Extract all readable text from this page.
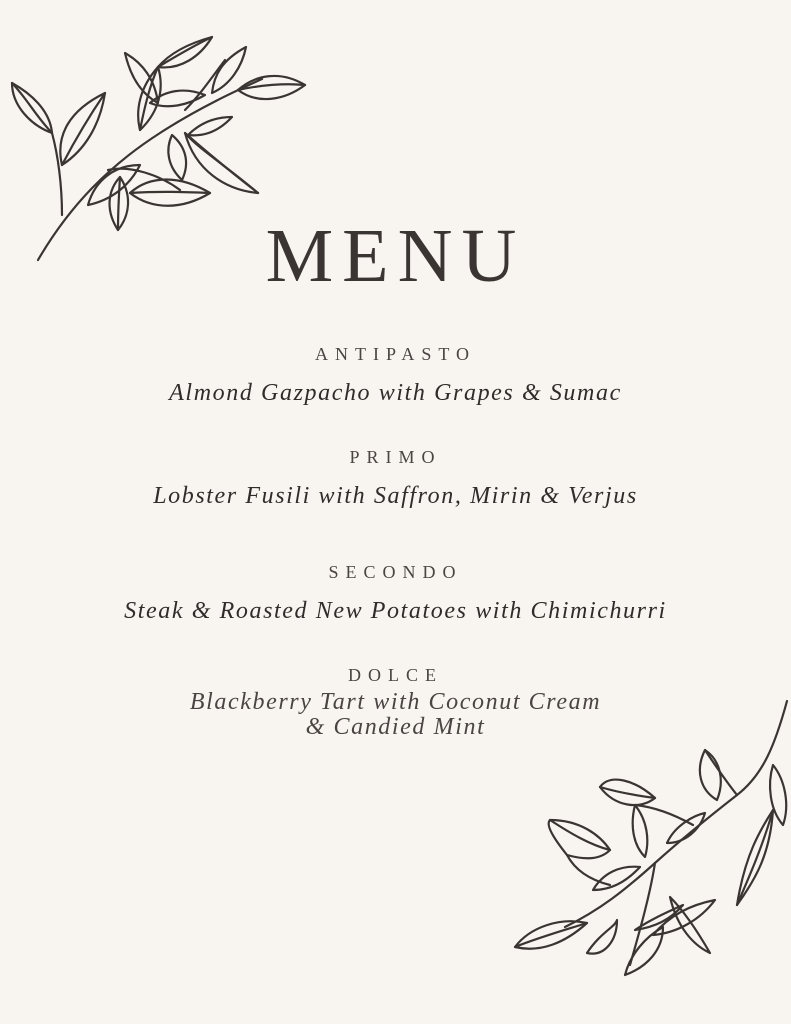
MENU
ANTIPASTO
Almond Gazpacho with Grapes & Sumac
PRIMO
Lobster Fusili with Saffron, Mirin & Verjus
SECONDO
Steak & Roasted New Potatoes with Chimichurri
DOLCE
Blackberry Tart with Coconut Cream
& Candied Mint
